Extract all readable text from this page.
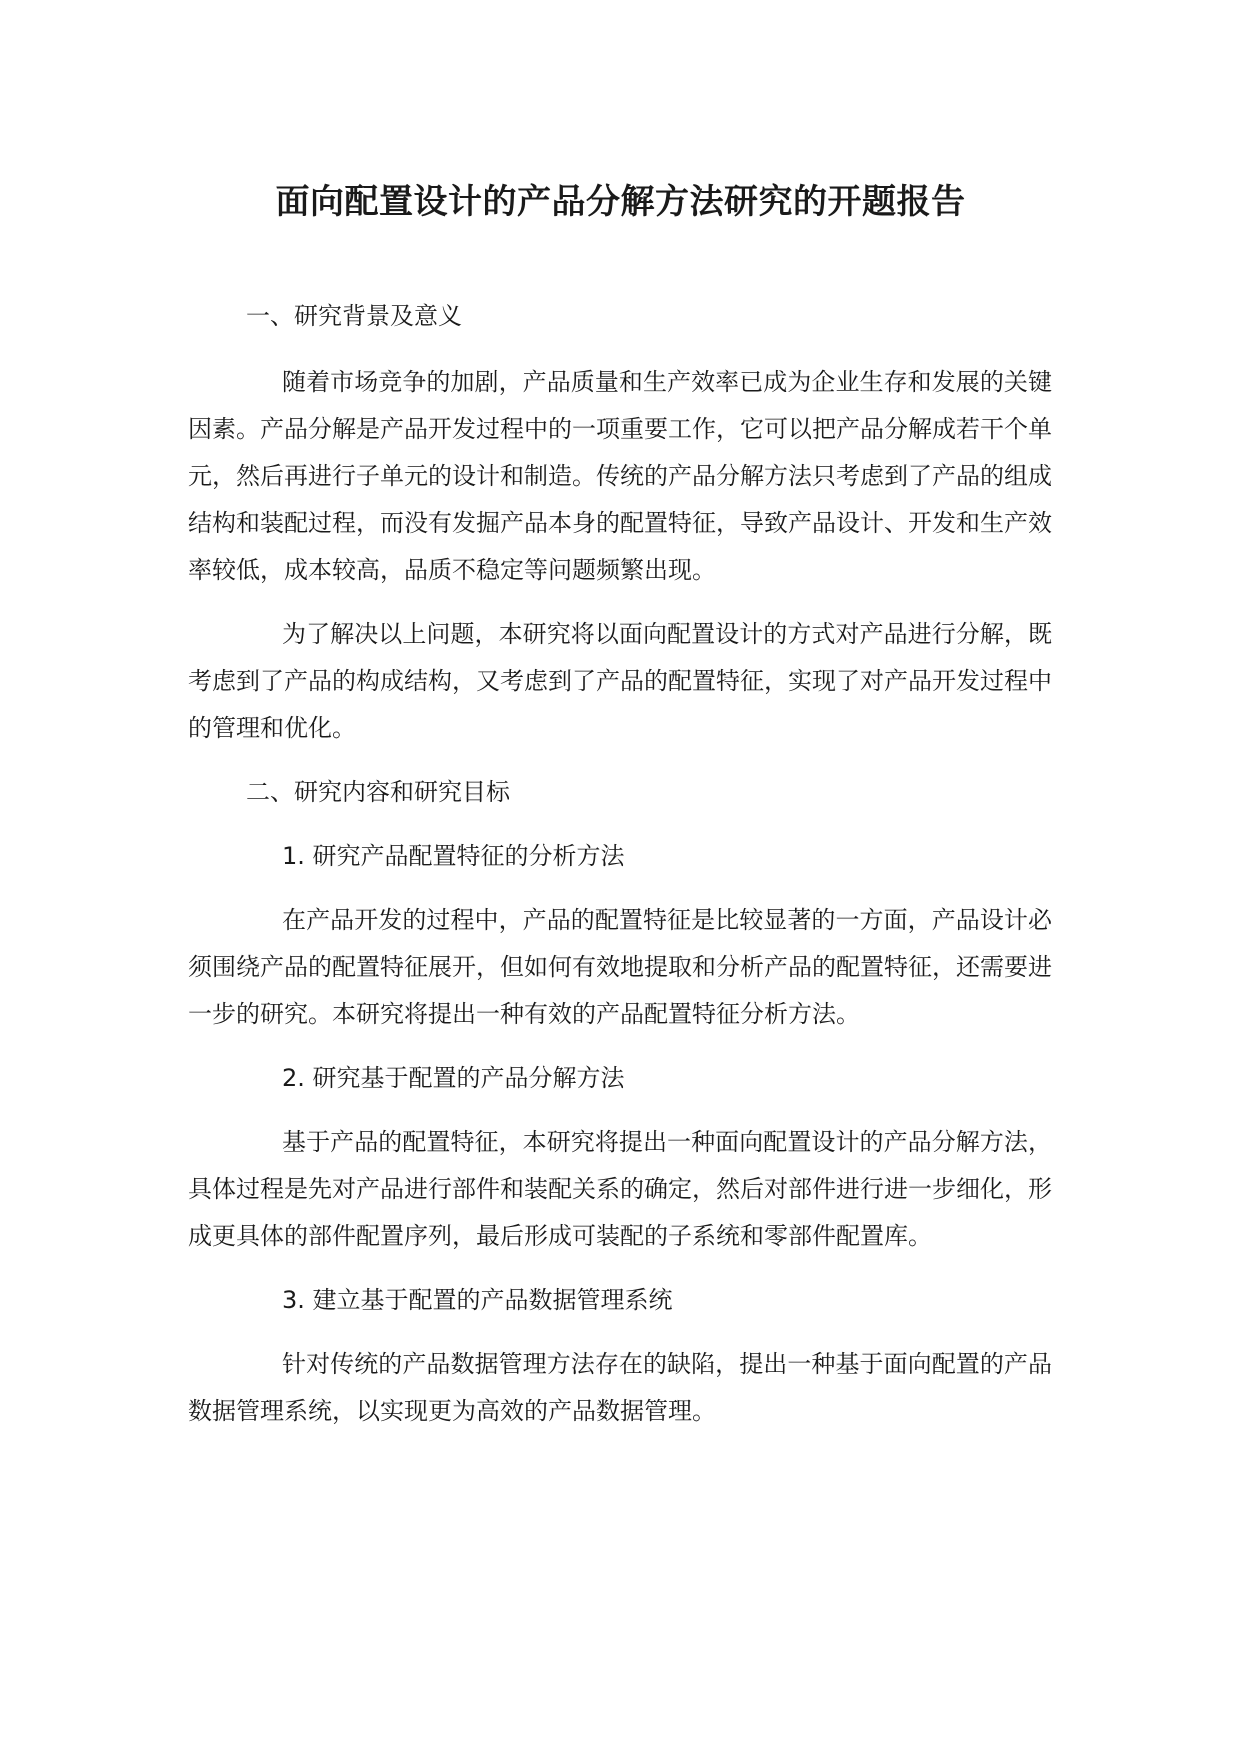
面向配置设计的产品分解方法研究的开题报告
一、研究背景及意义

随着市场竞争的加剧，产品质量和生产效率已成为企业生存和发展的关键因素。产品分解是产品开发过程中的一项重要工作，它可以把产品分解成若干个单元，然后再进行子单元的设计和制造。传统的产品分解方法只考虑到了产品的组成结构和装配过程，而没有发掘产品本身的配置特征，导致产品设计、开发和生产效率较低，成本较高，品质不稳定等问题频繁出现。

为了解决以上问题，本研究将以面向配置设计的方式对产品进行分解，既考虑到了产品的构成结构，又考虑到了产品的配置特征，实现了对产品开发过程中的管理和优化。

二、研究内容和研究目标
1. 研究产品配置特征的分析方法

在产品开发的过程中，产品的配置特征是比较显著的一方面，产品设计必须围绕产品的配置特征展开，但如何有效地提取和分析产品的配置特征，还需要进一步的研究。本研究将提出一种有效的产品配置特征分析方法。

2. 研究基于配置的产品分解方法

基于产品的配置特征，本研究将提出一种面向配置设计的产品分解方法，具体过程是先对产品进行部件和装配关系的确定，然后对部件进行进一步细化，形成更具体的部件配置序列，最后形成可装配的子系统和零部件配置库。

3. 建立基于配置的产品数据管理系统

针对传统的产品数据管理方法存在的缺陷，提出一种基于面向配置的产品数据管理系统，以实现更为高效的产品数据管理。
